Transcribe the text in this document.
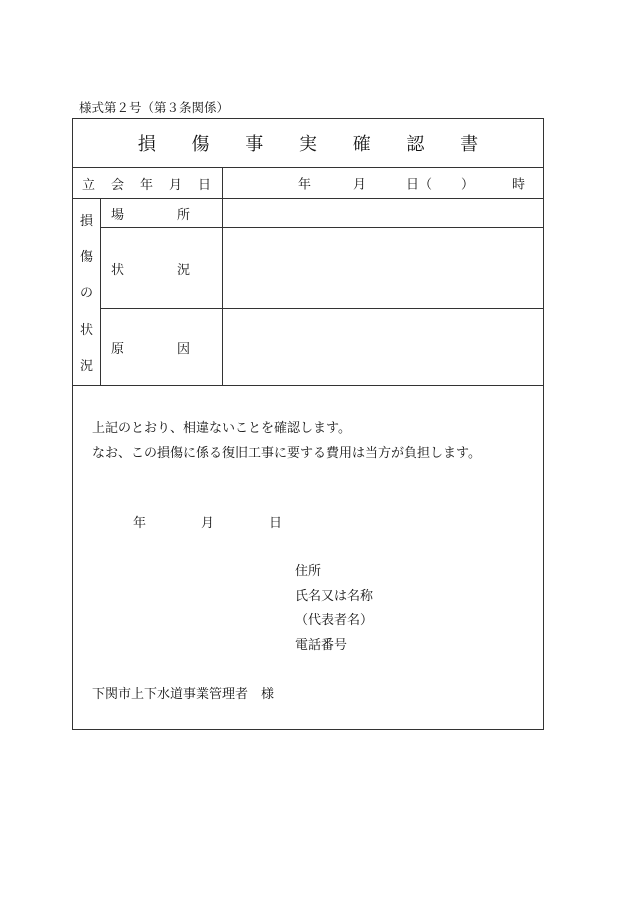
様式第２号（第３条関係）
損 傷 事 実 確 認 書
立 会 年 月 日	年	月	日（ ）	時
損
傷
の
状
況
場	所
状	況
原	因
上記のとおり、相違ないことを確認します。
なお、この損傷に係る復旧工事に要する費用は当方が負担します。
年	月	日
住所
氏名又は名称
（代表者名）
電話番号
下関市上下水道事業管理者　様
